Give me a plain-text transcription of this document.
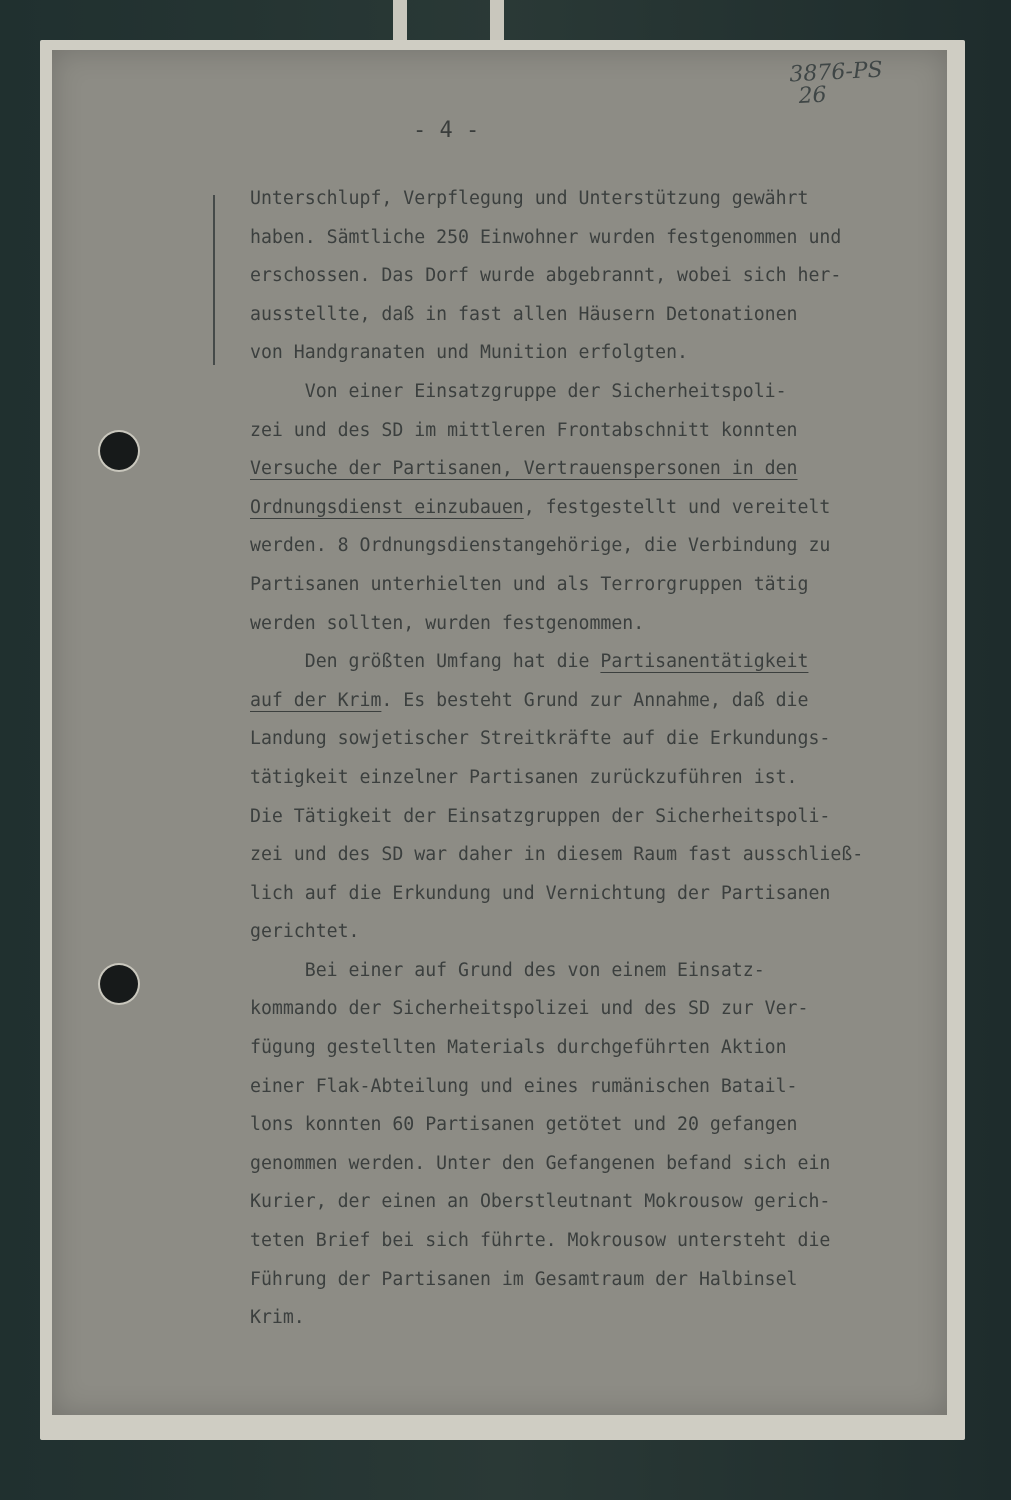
3876-PS
26
- 4 -
Unterschlupf, Verpflegung und Unterstützung gewährt
haben. Sämtliche 250 Einwohner wurden festgenommen und
erschossen. Das Dorf wurde abgebrannt, wobei sich her-
ausstellte, daß in fast allen Häusern Detonationen
von Handgranaten und Munition erfolgten.
Von einer Einsatzgruppe der Sicherheitspoli-
zei und des SD im mittleren Frontabschnitt konnten
Versuche der Partisanen, Vertrauenspersonen in den
Ordnungsdienst einzubauen, festgestellt und vereitelt
werden. 8 Ordnungsdienstangehörige, die Verbindung zu
Partisanen unterhielten und als Terrorgruppen tätig
werden sollten, wurden festgenommen.
Den größten Umfang hat die Partisanentätigkeit
auf der Krim. Es besteht Grund zur Annahme, daß die
Landung sowjetischer Streitkräfte auf die Erkundungs-
tätigkeit einzelner Partisanen zurückzuführen ist.
Die Tätigkeit der Einsatzgruppen der Sicherheitspoli-
zei und des SD war daher in diesem Raum fast ausschließ-
lich auf die Erkundung und Vernichtung der Partisanen
gerichtet.
Bei einer auf Grund des von einem Einsatz-
kommando der Sicherheitspolizei und des SD zur Ver-
fügung gestellten Materials durchgeführten Aktion
einer Flak-Abteilung und eines rumänischen Batail-
lons konnten 60 Partisanen getötet und 20 gefangen
genommen werden. Unter den Gefangenen befand sich ein
Kurier, der einen an Oberstleutnant Mokrousow gerich-
teten Brief bei sich führte. Mokrousow untersteht die
Führung der Partisanen im Gesamtraum der Halbinsel
Krim.
